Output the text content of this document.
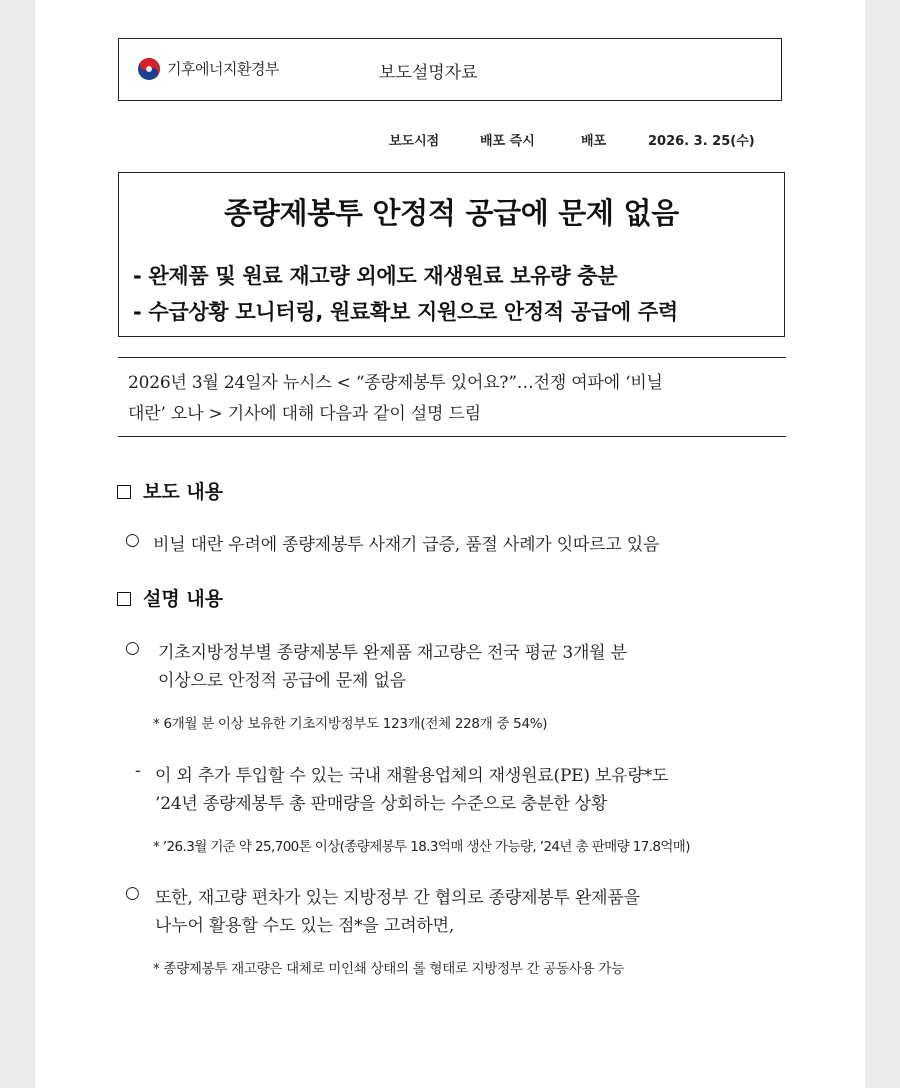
기후에너지환경부	보도설명자료
보도시점	배포 즉시	배포	2026. 3. 25(수)
종량제봉투 안정적 공급에 문제 없음
- 완제품 및 원료 재고량 외에도 재생원료 보유량 충분
- 수급상황 모니터링, 원료확보 지원으로 안정적 공급에 주력
2026년 3월 24일자 뉴시스 < “종량제봉투 있어요?”…전쟁 여파에 ‘비닐
대란’ 오나 > 기사에 대해 다음과 같이 설명 드림
보도 내용
○ 비닐 대란 우려에 종량제봉투 사재기 급증, 품절 사례가 잇따르고 있음
설명 내용
○ 기초지방정부별 종량제봉투 완제품 재고량은 전국 평균 3개월 분
이상으로 안정적 공급에 문제 없음
* 6개월 분 이상 보유한 기초지방정부도 123개(전체 228개 중 54%)
- 이 외 추가 투입할 수 있는 국내 재활용업체의 재생원료(PE) 보유량*도
’24년 종량제봉투 총 판매량을 상회하는 수준으로 충분한 상황
* ’26.3월 기준 약 25,700톤 이상(종량제봉투 18.3억매 생산 가능량, ’24년 총 판매량 17.8억매)
○ 또한, 재고량 편차가 있는 지방정부 간 협의로 종량제봉투 완제품을
나누어 활용할 수도 있는 점*을 고려하면,
* 종량제봉투 재고량은 대체로 미인쇄 상태의 롤 형태로 지방정부 간 공동사용 가능
